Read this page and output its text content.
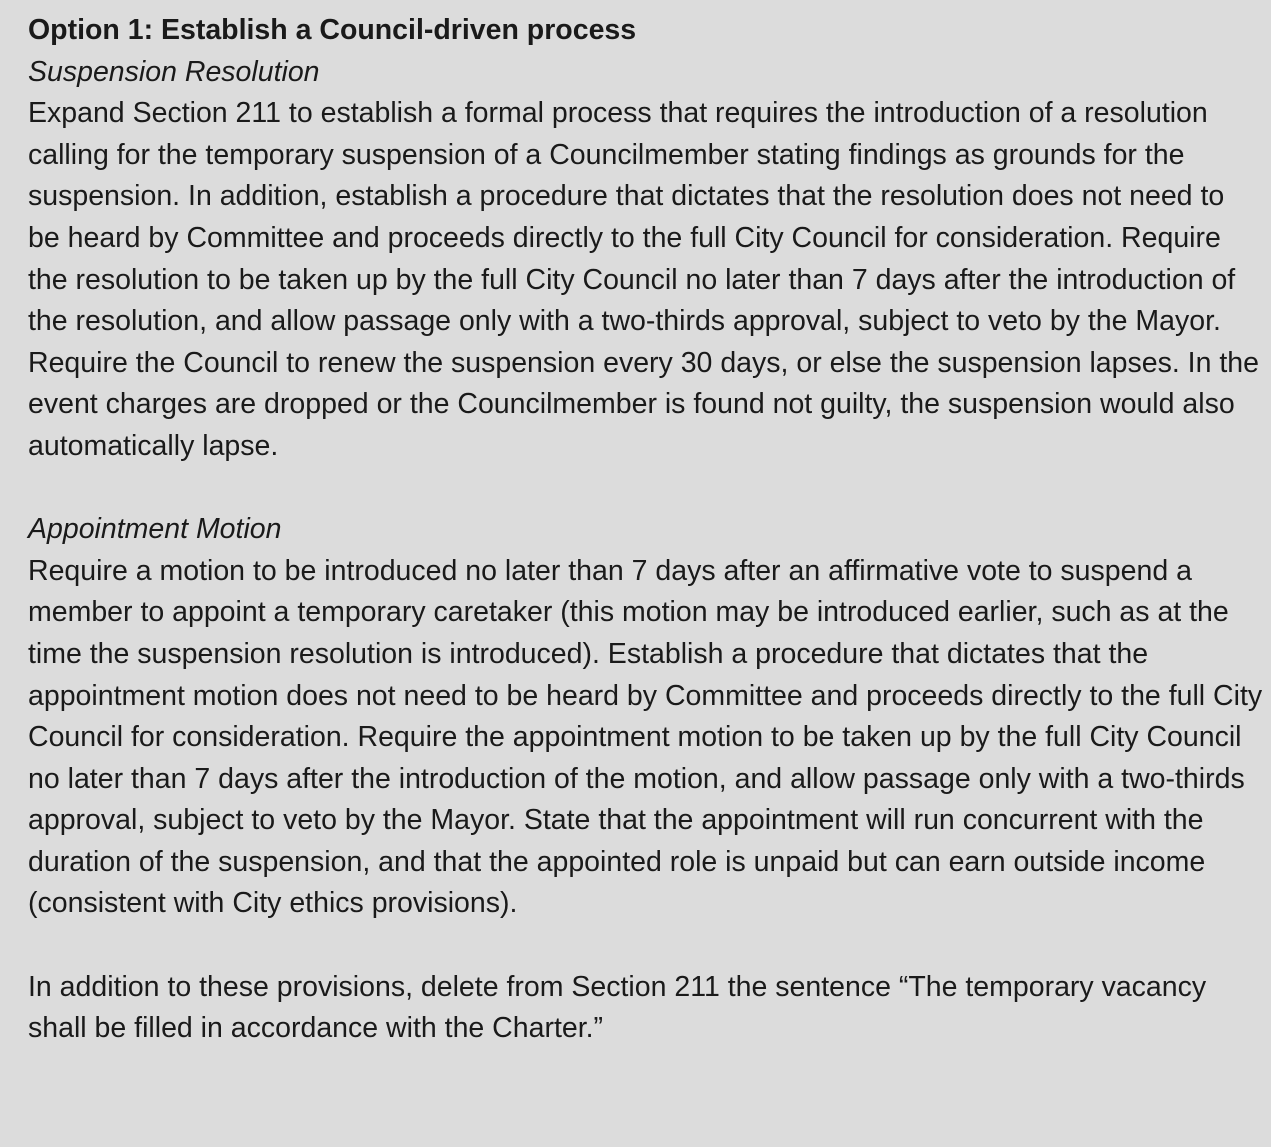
Option 1: Establish a Council-driven process

Suspension Resolution

Expand Section 211 to establish a formal process that requires the introduction of a resolution calling for the temporary suspension of a Councilmember stating findings as grounds for the suspension. In addition, establish a procedure that dictates that the resolution does not need to be heard by Committee and proceeds directly to the full City Council for consideration. Require the resolution to be taken up by the full City Council no later than 7 days after the introduction of the resolution, and allow passage only with a two-thirds approval, subject to veto by the Mayor. Require the Council to renew the suspension every 30 days, or else the suspension lapses. In the event charges are dropped or the Councilmember is found not guilty, the suspension would also automatically lapse.

Appointment Motion

Require a motion to be introduced no later than 7 days after an affirmative vote to suspend a member to appoint a temporary caretaker (this motion may be introduced earlier, such as at the time the suspension resolution is introduced). Establish a procedure that dictates that the appointment motion does not need to be heard by Committee and proceeds directly to the full City Council for consideration. Require the appointment motion to be taken up by the full City Council no later than 7 days after the introduction of the motion, and allow passage only with a two-thirds approval, subject to veto by the Mayor. State that the appointment will run concurrent with the duration of the suspension, and that the appointed role is unpaid but can earn outside income (consistent with City ethics provisions).

In addition to these provisions, delete from Section 211 the sentence “The temporary vacancy shall be filled in accordance with the Charter.”
